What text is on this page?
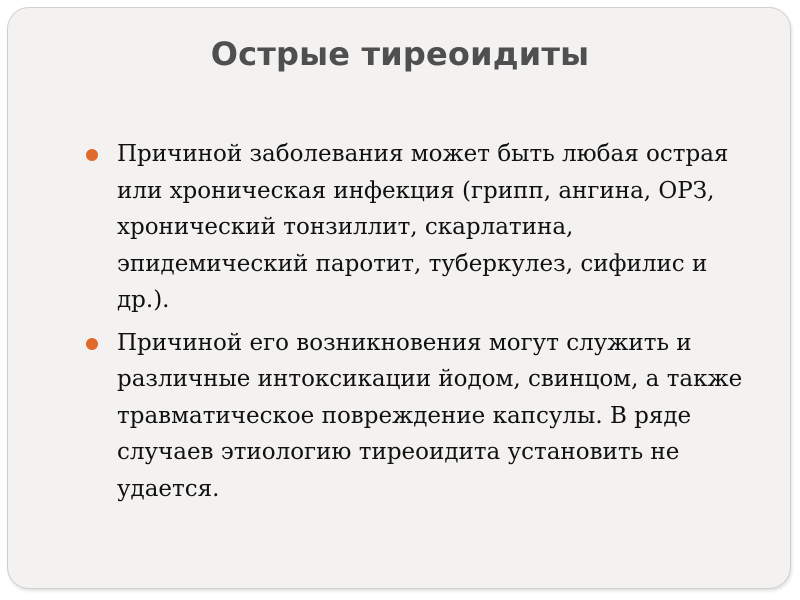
Острые тиреоидиты
Причиной заболевания может быть любая острая или хроническая инфекция (грипп, ангина, ОРЗ, хронический тонзиллит, скарлатина, эпидемический паротит, туберкулез, сифилис и др.).
Причиной его возникновения могут служить и различные интоксикации йодом, свинцом, а также травматическое повреждение капсулы. В ряде случаев этиологию тиреоидита установить не удается.
